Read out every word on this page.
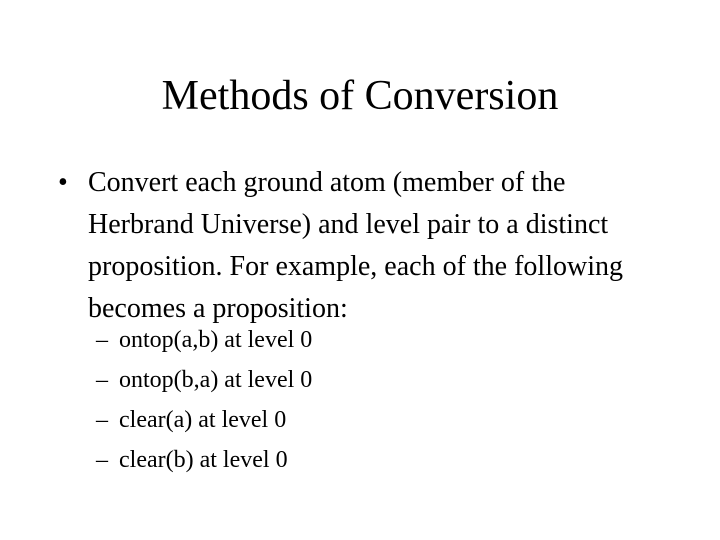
Methods of Conversion
• Convert each ground atom (member of the Herbrand Universe) and level pair to a distinct proposition. For example, each of the following becomes a proposition:
– ontop(a,b) at level 0
– ontop(b,a) at level 0
– clear(a) at level 0
– clear(b) at level 0
